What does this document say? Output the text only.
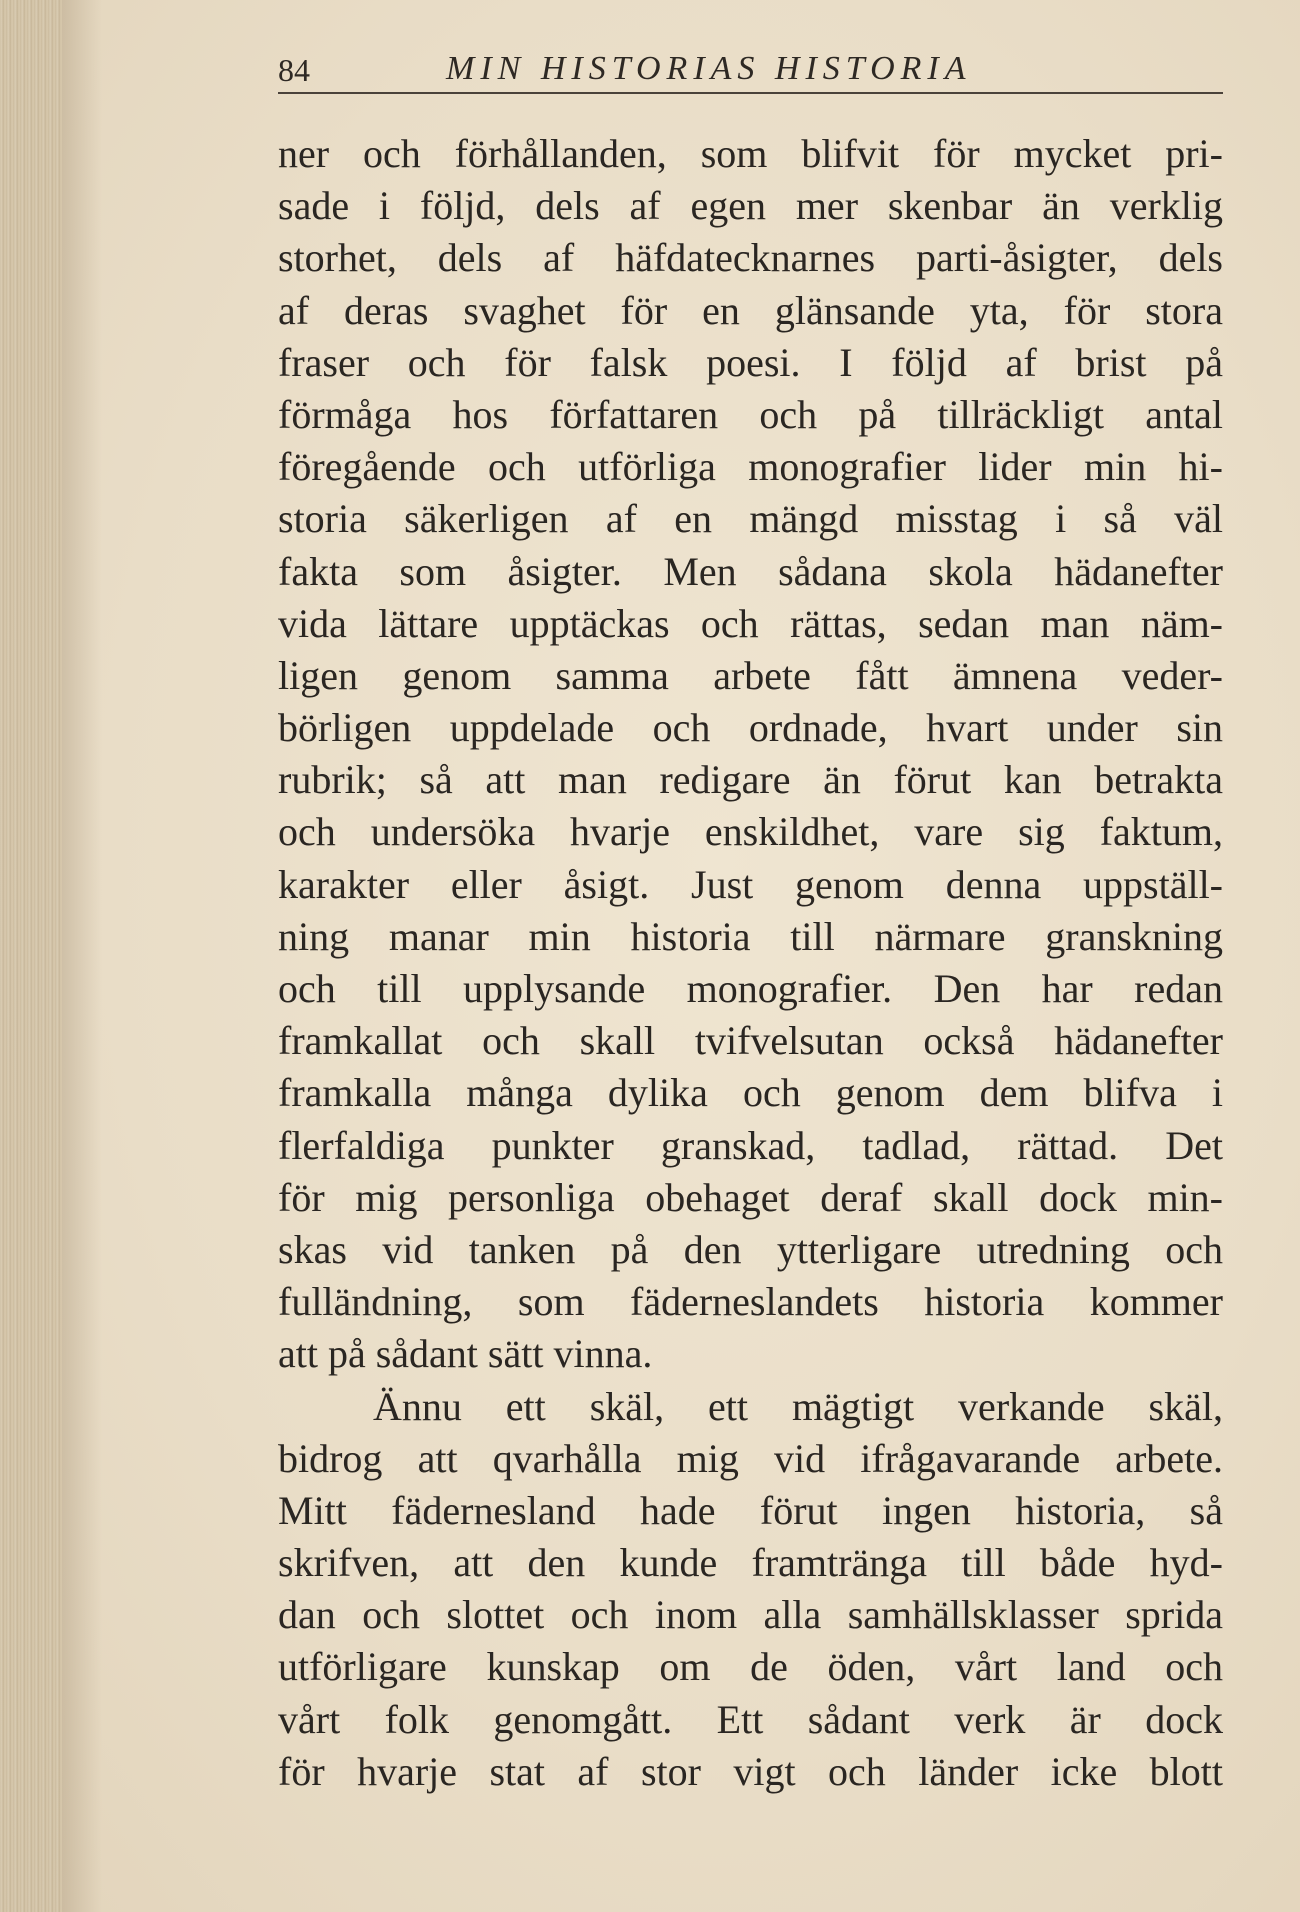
84	MIN HISTORIAS HISTORIA
ner och förhållanden, som blifvit för mycket pri-
sade i följd, dels af egen mer skenbar än verklig
storhet, dels af häfdatecknarnes parti-åsigter, dels
af deras svaghet för en glänsande yta, för stora
fraser och för falsk poesi. I följd af brist på
förmåga hos författaren och på tillräckligt antal
föregående och utförliga monografier lider min hi-
storia säkerligen af en mängd misstag i så väl
fakta som åsigter. Men sådana skola hädanefter
vida lättare upptäckas och rättas, sedan man näm-
ligen genom samma arbete fått ämnena veder-
börligen uppdelade och ordnade, hvart under sin
rubrik; så att man redigare än förut kan betrakta
och undersöka hvarje enskildhet, vare sig faktum,
karakter eller åsigt. Just genom denna uppställ-
ning manar min historia till närmare granskning
och till upplysande monografier. Den har redan
framkallat och skall tvifvelsutan också hädanefter
framkalla många dylika och genom dem blifva i
flerfaldiga punkter granskad, tadlad, rättad. Det
för mig personliga obehaget deraf skall dock min-
skas vid tanken på den ytterligare utredning och
fulländning, som fäderneslandets historia kommer
att på sådant sätt vinna.
Ännu ett skäl, ett mägtigt verkande skäl,
bidrog att qvarhålla mig vid ifrågavarande arbete.
Mitt fädernesland hade förut ingen historia, så
skrifven, att den kunde framtränga till både hyd-
dan och slottet och inom alla samhällsklasser sprida
utförligare kunskap om de öden, vårt land och
vårt folk genomgått. Ett sådant verk är dock
för hvarje stat af stor vigt och länder icke blott
